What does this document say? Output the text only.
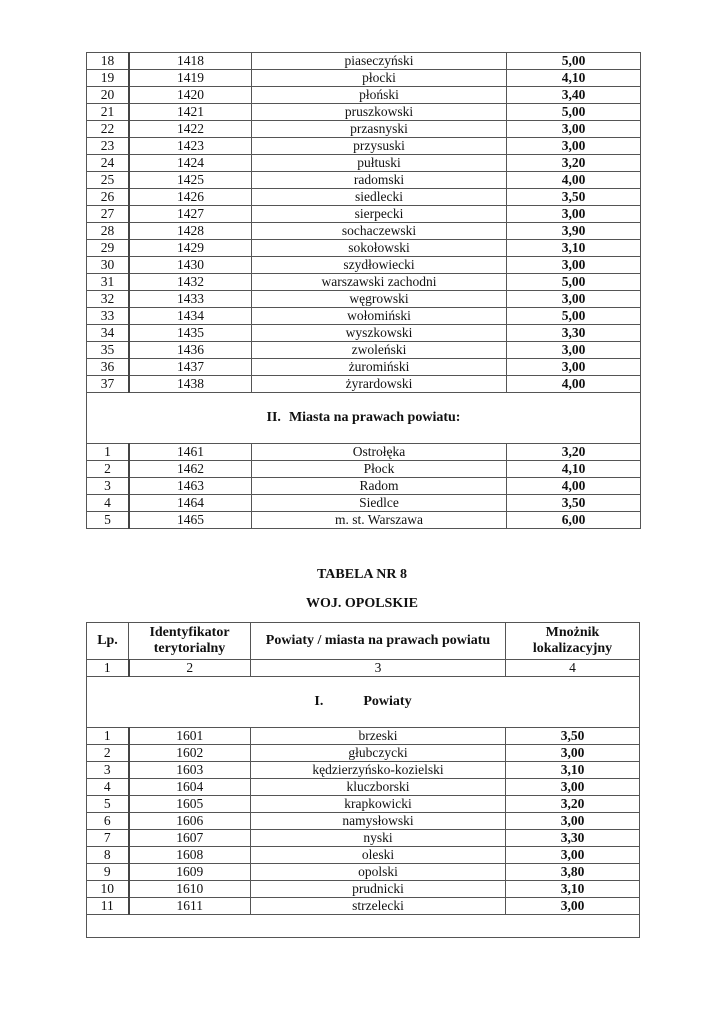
18	1418	piaseczyński	5,00
19	1419	płocki	4,10
20	1420	płoński	3,40
21	1421	pruszkowski	5,00
22	1422	przasnyski	3,00
23	1423	przysuski	3,00
24	1424	pułtuski	3,20
25	1425	radomski	4,00
26	1426	siedlecki	3,50
27	1427	sierpecki	3,00
28	1428	sochaczewski	3,90
29	1429	sokołowski	3,10
30	1430	szydłowiecki	3,00
31	1432	warszawski zachodni	5,00
32	1433	węgrowski	3,00
33	1434	wołomiński	5,00
34	1435	wyszkowski	3,30
35	1436	zwoleński	3,00
36	1437	żuromiński	3,00
37	1438	żyrardowski	4,00
II. Miasta na prawach powiatu:			
1	1461	Ostrołęka	3,20
2	1462	Płock	4,10
3	1463	Radom	4,00
4	1464	Siedlce	3,50
5	1465	m. st. Warszawa	6,00
TABELA NR 8
WOJ. OPOLSKIE
Lp.	Identyfikator terytorialny	Powiaty / miasta na prawach powiatu	Mnożnik lokalizacyjny
1	2	3	4
I. Powiaty			
1	1601	brzeski	3,50
2	1602	głubczycki	3,00
3	1603	kędzierzyńsko-kozielski	3,10
4	1604	kluczborski	3,00
5	1605	krapkowicki	3,20
6	1606	namysłowski	3,00
7	1607	nyski	3,30
8	1608	oleski	3,00
9	1609	opolski	3,80
10	1610	prudnicki	3,10
11	1611	strzelecki	3,00
